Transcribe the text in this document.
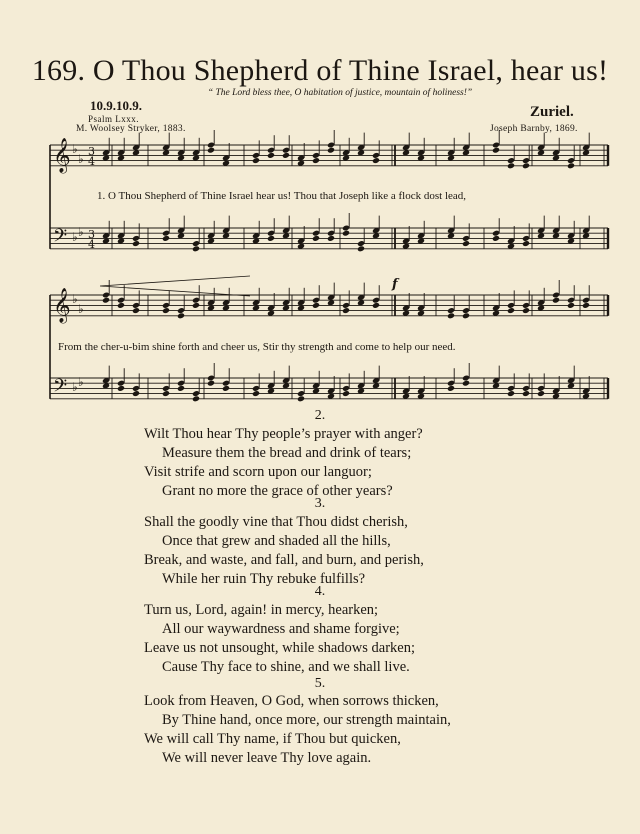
169. O Thou Shepherd of Thine Israel, hear us!
“ The Lord bless thee, O habitation of justice, mountain of holiness!”
10.9.10.9.	Zuriel.
Psalm Lxxx.
M. Woolsey Stryker, 1883.	Joseph Barnby, 1869.
𝄞 ♭
♭
3
4
𝄢 ♭ ♭ 3
4
𝄞 ♭
♭
𝄢 ♭ ♭
f
1. O Thou Shepherd of Thine Israel hear us! Thou that Joseph like a flock dost lead,
From the cher-u-bim shine forth and cheer us, Stir thy strength and come to help our need.
2.
Wilt Thou hear Thy people’s prayer with anger?
Measure them the bread and drink of tears;
Visit strife and scorn upon our languor;
Grant no more the grace of other years?
3.
Shall the goodly vine that Thou didst cherish,
Once that grew and shaded all the hills,
Break, and waste, and fall, and burn, and perish,
While her ruin Thy rebuke fulfills?
4.
Turn us, Lord, again! in mercy, hearken;
All our waywardness and shame forgive;
Leave us not unsought, while shadows darken;
Cause Thy face to shine, and we shall live.
5.
Look from Heaven, O God, when sorrows thicken,
By Thine hand, once more, our strength maintain,
We will call Thy name, if Thou but quicken,
We will never leave Thy love again.
